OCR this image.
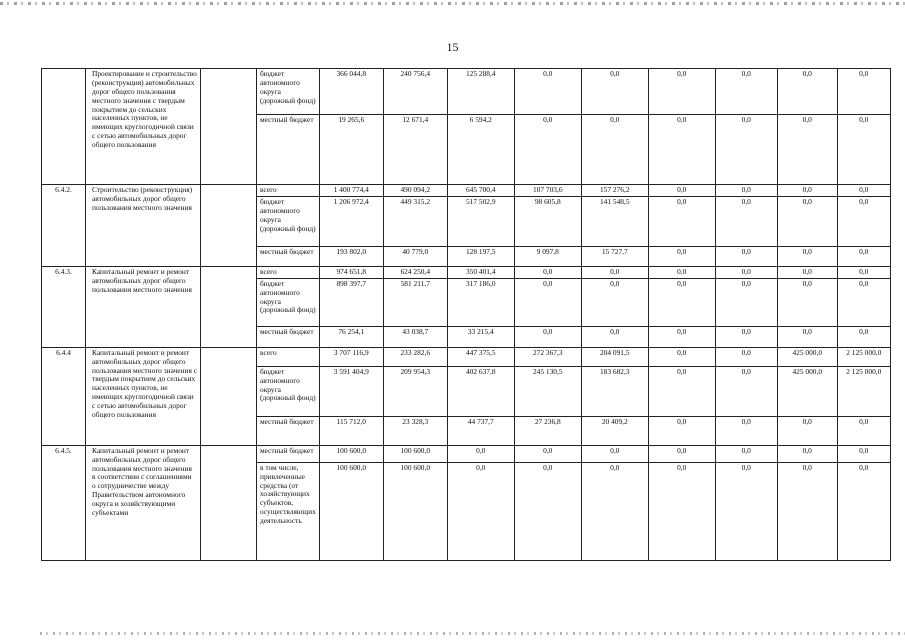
15
	Проектирование и строительство (реконструкция) автомобильных дорог общего пользования местного значения с твердым покрытием до сельских населенных пунктов, не имеющих круглогодичной связи с сетью автомобильных дорог общего пользования		бюджет автономного округа (дорожный фонд)	366 044,8	240 756,4	125 288,4	0,0	0,0	0,0	0,0	0,0	0,0
			местный бюджет	19 265,6	12 671,4	6 594,2	0,0	0,0	0,0	0,0	0,0	0,0
6.4.2.	Строительство (реконструкция) автомобильных дорог общего пользования местного значения		всего	1 400 774,4	490 094,2	645 700,4	107 703,6	157 276,2	0,0	0,0	0,0	0,0
			бюджет автономного округа (дорожный фонд)	1 206 972,4	449 315,2	517 502,9	98 605,8	141 548,5	0,0	0,0	0,0	0,0
			местный бюджет	193 802,0	40 779,0	128 197,5	9 097,8	15 727,7	0,0	0,0	0,0	0,0
6.4.3.	Капитальный ремонт и ремонт автомобильных дорог общего пользования местного значения		всего	974 651,8	624 250,4	350 401,4	0,0	0,0	0,0	0,0	0,0	0,0
			бюджет автономного округа (дорожный фонд)	898 397,7	581 211,7	317 186,0	0,0	0,0	0,0	0,0	0,0	0,0
			местный бюджет	76 254,1	43 038,7	33 215,4	0,0	0,0	0,0	0,0	0,0	0,0
6.4.4	Капитальный ремонт и ремонт автомобильных дорог общего пользования местного значения с твердым покрытием до сельских населенных пунктов, не имеющих круглогодичной связи с сетью автомобильных дорог общего пользования		всего	3 707 116,9	233 282,6	447 375,5	272 367,3	204 091,5	0,0	0,0	425 000,0	2 125 000,0
			бюджет автономного округа (дорожный фонд)	3 591 404,9	209 954,3	402 637,8	245 130,5	183 682,3	0,0	0,0	425 000,0	2 125 000,0
			местный бюджет	115 712,0	23 328,3	44 737,7	27 236,8	20 409,2	0,0	0,0	0,0	0,0
6.4.5.	Капитальный ремонт и ремонт автомобильных дорог общего пользования местного значения в соответствии с соглашениями о сотрудничестве между Правительством автономного округа и хозяйствующими субъектами		местный бюджет	100 600,0	100 600,0	0,0	0,0	0,0	0,0	0,0	0,0	0,0
			в том числе, привлеченные средства (от хозяйствующих субъектов, осуществляющих деятельность	100 600,0	100 600,0	0,0	0,0	0,0	0,0	0,0	0,0	0,0
